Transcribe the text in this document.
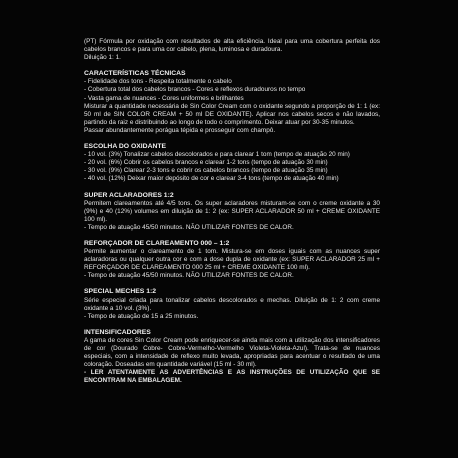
(PT) Fórmula por oxidação com resultados de alta eficiência. Ideal para uma cobertura perfeita dos cabelos brancos e para uma cor cabelo, plena, luminosa e duradoura.

Diluição 1: 1.

CARACTERÍSTICAS TÉCNICAS

- Fidelidade dos tons - Respeita totalmente o cabelo

- Cobertura total dos cabelos brancos - Cores e reflexos duradouros no tempo

- Vasta gama de nuances - Cores uniformes e brilhantes

Misturar a quantidade necessária de Sin Color Cream com o oxidante segundo a proporção de 1: 1 (ex: 50 ml de SIN COLOR CREAM + 50 ml DE OXIDANTE). Aplicar nos cabelos secos e não lavados, partindo da raiz e distribuindo ao longo de todo o comprimento. Deixar atuar por 30-35 minutos.

Passar abundantemente porágua tépida e prosseguir com champô.

ESCOLHA DO OXIDANTE

- 10 vol. (3%) Tonalizar cabelos descolorados e para clarear 1 tom (tempo de atuação 20 min)

- 20 vol. (6%) Cobrir os cabelos brancos e clarear 1-2 tons (tempo de atuação 30 min)

- 30 vol. (9%) Clarear 2-3 tons e cobrir os cabelos brancos (tempo de atuação 35 min)

- 40 vol. (12%) Deixar maior depósito de cor e clarear 3-4 tons (tempo de atuação 40 min)

SUPER ACLARADORES 1:2

Permitem clareamentos até 4/5 tons. Os super aclaradores misturam-se com o creme oxidante a 30 (9%) e 40 (12%) volumes em diluição de 1: 2 (ex: SUPER ACLARADOR 50 ml + CREME OXIDANTE 100 ml).

- Tempo de atuação 45/50 minutos. NÃO UTILIZAR FONTES DE CALOR.

REFORÇADOR DE CLAREAMENTO 000 – 1:2

Permite aumentar o clareamento de 1 tom. Mistura-se em doses iguais com as nuances super aclaradoras ou qualquer outra cor e com a dose dupla de oxidante (ex: SUPER ACLARADOR 25 ml + REFORÇADOR DE CLAREAMENTO 000 25 ml + CREME OXIDANTE 100 ml).

- Tempo de atuação 45/50 minutos. NÃO UTILIZAR FONTES DE CALOR.

SPECIAL MECHES 1:2

Série especial criada para tonalizar cabelos descolorados e mechas. Diluição de 1: 2 com creme oxidante a 10 vol. (3%).

- Tempo de atuação de 15 a 25 minutos.

INTENSIFICADORES

A gama de cores Sin Color Cream pode enriquecer-se ainda mais com a utilização dos intensificadores de cor (Dourado Cobre- Cobre-Vermelho-Vermelho Violeta-Violeta-Azul). Trata-se de nuances especiais, com a intensidade de reflexo muito levada, apropriadas para acentuar o resultado de uma coloração. Doseadas em quantidade variável (15 ml - 30 ml).

- LER ATENTAMENTE AS ADVERTÊNCIAS E AS INSTRUÇÕES DE UTILIZAÇÃO QUE SE ENCONTRAM NA EMBALAGEM.
